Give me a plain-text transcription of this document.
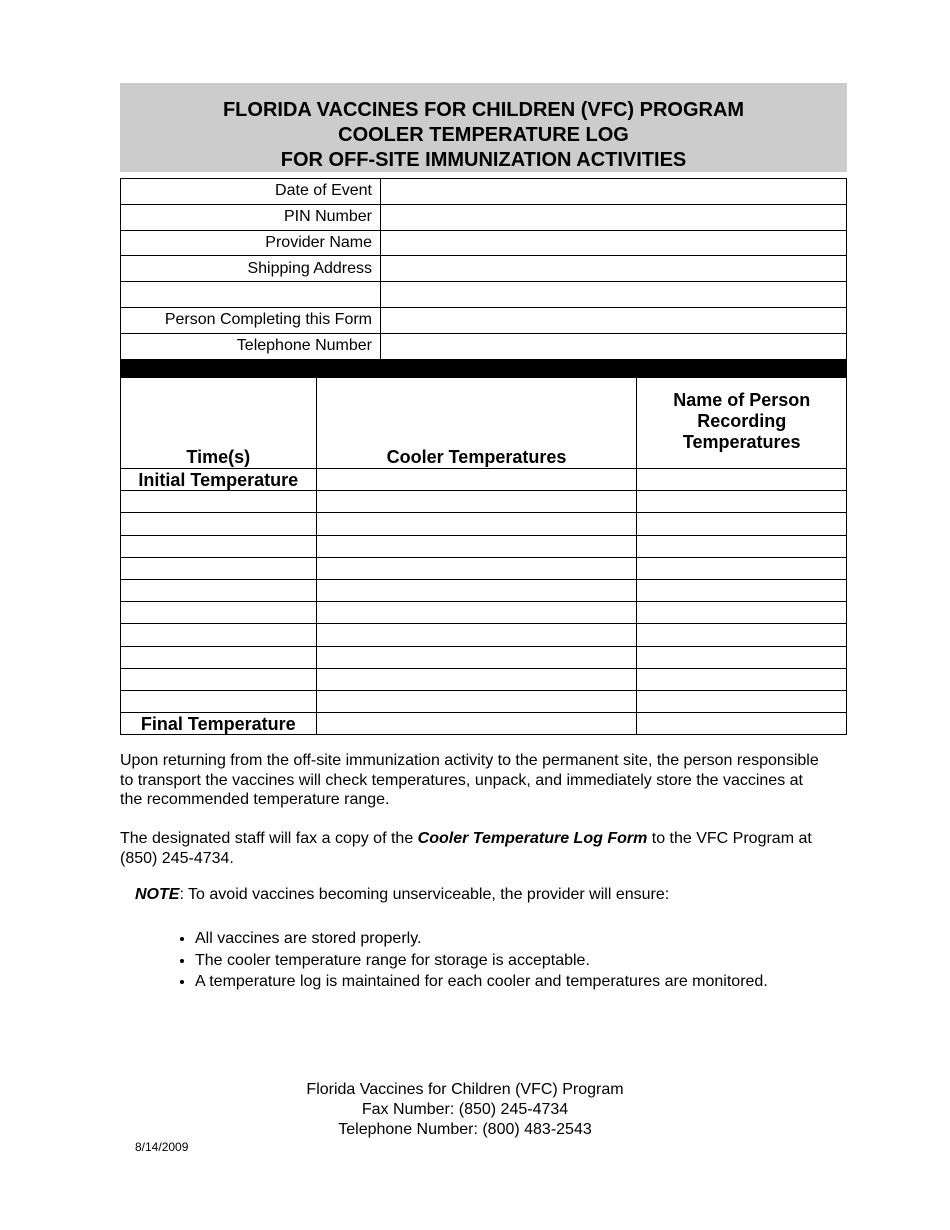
FLORIDA VACCINES FOR CHILDREN (VFC) PROGRAM
COOLER TEMPERATURE LOG
FOR OFF-SITE IMMUNIZATION ACTIVITIES
Date of Event	
PIN Number	
Provider Name	
Shipping Address	

Person Completing this Form	
Telephone Number	
Time(s)	Cooler Temperatures	Name of Person Recording Temperatures
Initial Temperature		

Final Temperature		

Upon returning from the off-site immunization activity to the permanent site, the person responsible to transport the vaccines will check temperatures, unpack, and immediately store the vaccines at the recommended temperature range.

The designated staff will fax a copy of the Cooler Temperature Log Form to the VFC Program at (850) 245-4734.

NOTE: To avoid vaccines becoming unserviceable, the provider will ensure:
• All vaccines are stored properly.
• The cooler temperature range for storage is acceptable.
• A temperature log is maintained for each cooler and temperatures are monitored.
Florida Vaccines for Children (VFC) Program
Fax Number: (850) 245-4734
Telephone Number: (800) 483-2543
8/14/2009
